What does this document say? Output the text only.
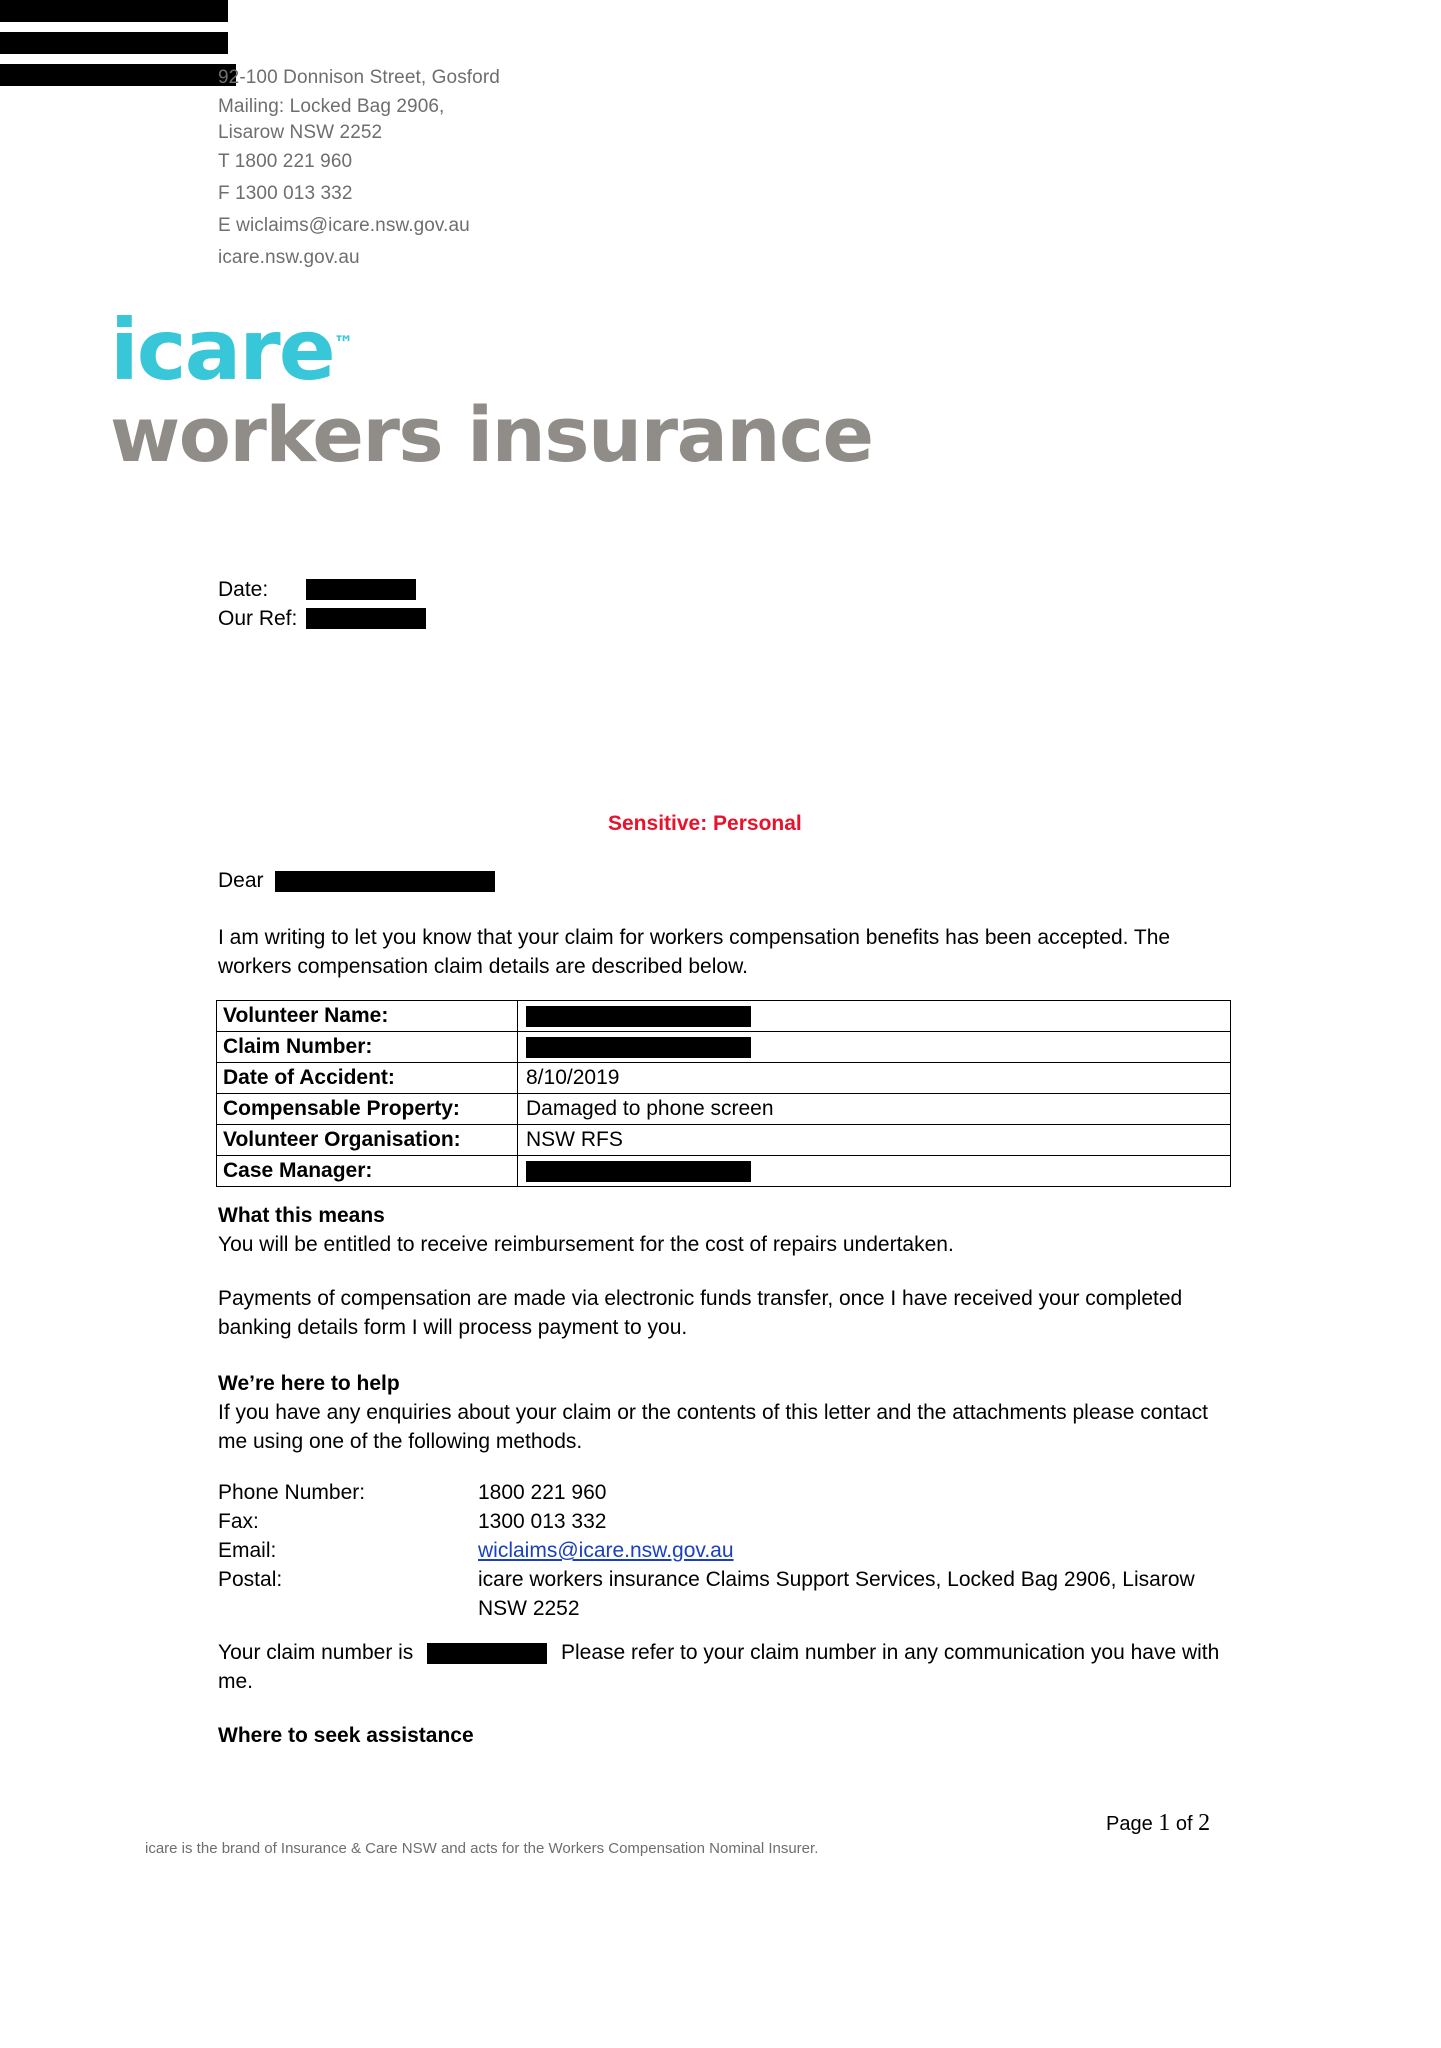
92-100 Donnison Street, Gosford
Mailing: Locked Bag 2906,
Lisarow NSW 2252
T 1800 221 960
F 1300 013 332
E wiclaims@icare.nsw.gov.au
icare.nsw.gov.au
icare™
workers insurance
Date:
Our Ref:
Sensitive: Personal
Dear
I am writing to let you know that your claim for workers compensation benefits has been accepted. The workers compensation claim details are described below.
Volunteer Name:	
Claim Number:	
Date of Accident:	8/10/2019
Compensable Property:	Damaged to phone screen
Volunteer Organisation:	NSW RFS
Case Manager:	
What this means
You will be entitled to receive reimbursement for the cost of repairs undertaken.
Payments of compensation are made via electronic funds transfer, once I have received your completed banking details form I will process payment to you.
We’re here to help
If you have any enquiries about your claim or the contents of this letter and the attachments please contact me using one of the following methods.
Phone Number:	1800 221 960
Fax:	1300 013 332
Email:	wiclaims@icare.nsw.gov.au
Postal:	icare workers insurance Claims Support Services, Locked Bag 2906, Lisarow NSW 2252
Your claim number is	Please refer to your claim number in any communication you have with me.
Where to seek assistance
icare is the brand of Insurance & Care NSW and acts for the Workers Compensation Nominal Insurer.
Page 1 of 2
